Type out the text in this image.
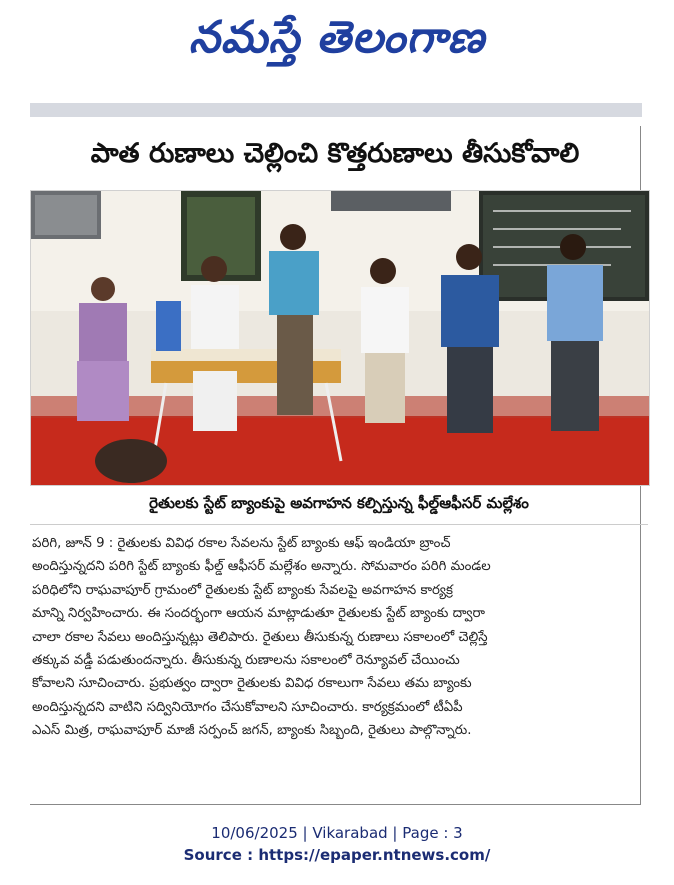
నమస్తే తెలంగాణ
పాత రుణాలు చెల్లించి కొత్తరుణాలు తీసుకోవాలి
రైతులకు స్టేట్ బ్యాంకుపై అవగాహన కల్పిస్తున్న ఫీల్డ్‌ఆఫీసర్ మల్లేశం
పరిగి, జూన్ 9 : రైతులకు వివిధ రకాల సేవలను స్టేట్ బ్యాంకు ఆఫ్ ఇండియా బ్రాంచ్
అందిస్తున్నదని పరిగి స్టేట్ బ్యాంకు ఫీల్డ్ ఆఫీసర్ మల్లేశం అన్నారు. సోమవారం పరిగి మండల
పరిధిలోని రాఘవాపూర్ గ్రామంలో రైతులకు స్టేట్ బ్యాంకు సేవలపై అవగాహన కార్యక్ర
మాన్ని నిర్వహించారు. ఈ సందర్భంగా ఆయన మాట్లాడుతూ రైతులకు స్టేట్ బ్యాంకు ద్వారా
చాలా రకాల సేవలు అందిస్తున్నట్లు తెలిపారు. రైతులు తీసుకున్న రుణాలు సకాలంలో చెల్లిస్తే
తక్కువ వడ్డీ పడుతుందన్నారు. తీసుకున్న రుణాలను సకాలంలో రెన్యూవల్ చేయించు
కోవాలని సూచించారు. ప్రభుత్వం ద్వారా రైతులకు వివిధ రకాలుగా సేవలు తమ బ్యాంకు
అందిస్తున్నదని వాటిని సద్వినియోగం చేసుకోవాలని సూచించారు. కార్యక్రమంలో టీఏపీ
ఎఎస్ మిత్ర, రాఘవాపూర్ మాజీ సర్పంచ్ జగన్, బ్యాంకు సిబ్బంది, రైతులు పాల్గొన్నారు.
10/06/2025 | Vikarabad | Page : 3
Source : https://epaper.ntnews.com/
